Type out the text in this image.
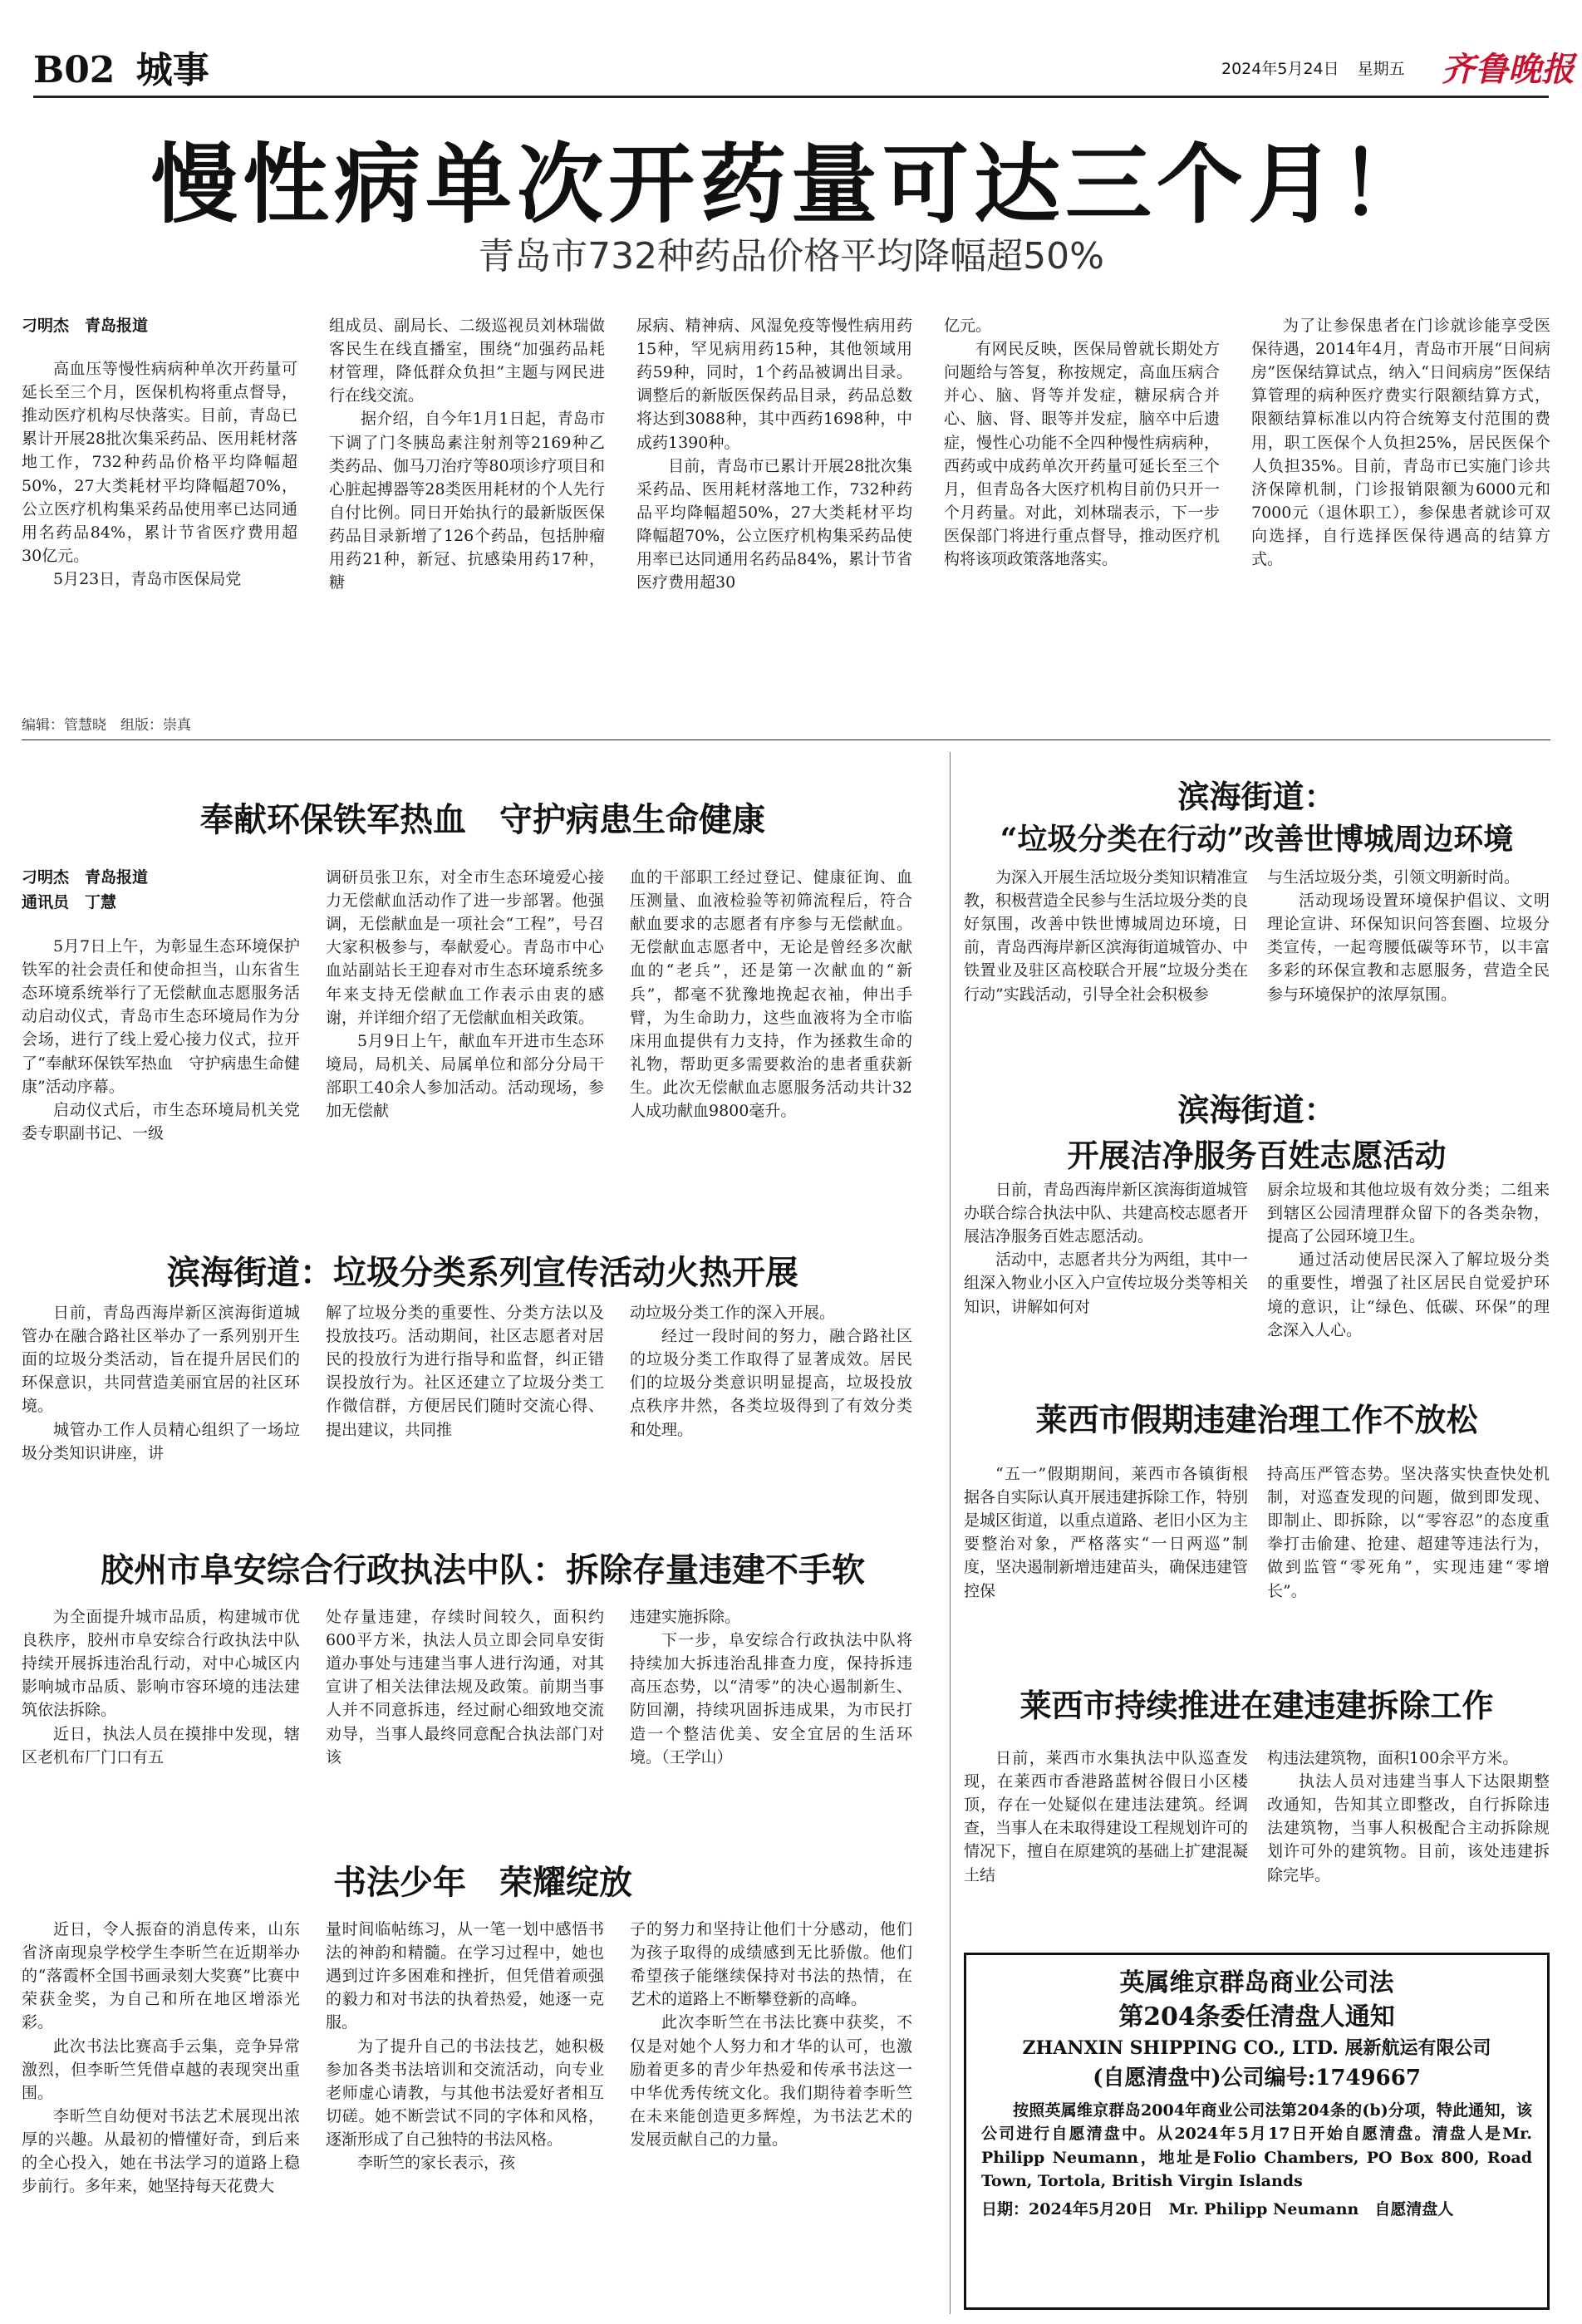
B02 城事	2024年5月24日 星期五 齐鲁晚报
慢性病单次开药量可达三个月！
青岛市732种药品价格平均降幅超50%
刁明杰　青岛报道

高血压等慢性病病种单次开药量可延长至三个月，医保机构将重点督导，推动医疗机构尽快落实。目前，青岛已累计开展28批次集采药品、医用耗材落地工作，732种药品价格平均降幅超50%，27大类耗材平均降幅超70%，公立医疗机构集采药品使用率已达同通用名药品84%，累计节省医疗费用超30亿元。

5月23日，青岛市医保局党

组成员、副局长、二级巡视员刘林瑞做客民生在线直播室，围绕“加强药品耗材管理，降低群众负担”主题与网民进行在线交流。

据介绍，自今年1月1日起，青岛市下调了门冬胰岛素注射剂等2169种乙类药品、伽马刀治疗等80项诊疗项目和心脏起搏器等28类医用耗材的个人先行自付比例。同日开始执行的最新版医保药品目录新增了126个药品，包括肿瘤用药21种，新冠、抗感染用药17种，糖

尿病、精神病、风湿免疫等慢性病用药15种，罕见病用药15种，其他领域用药59种，同时，1个药品被调出目录。调整后的新版医保药品目录，药品总数将达到3088种，其中西药1698种，中成药1390种。

目前，青岛市已累计开展28批次集采药品、医用耗材落地工作，732种药品平均降幅超50%，27大类耗材平均降幅超70%，公立医疗机构集采药品使用率已达同通用名药品84%，累计节省医疗费用超30

亿元。

有网民反映，医保局曾就长期处方问题给与答复，称按规定，高血压病合并心、脑、肾等并发症，糖尿病合并心、脑、肾、眼等并发症，脑卒中后遗症，慢性心功能不全四种慢性病病种，西药或中成药单次开药量可延长至三个月，但青岛各大医疗机构目前仍只开一个月药量。对此，刘林瑞表示，下一步医保部门将进行重点督导，推动医疗机构将该项政策落地落实。

为了让参保患者在门诊就诊能享受医保待遇，2014年4月，青岛市开展“日间病房”医保结算试点，纳入“日间病房”医保结算管理的病种医疗费实行限额结算方式，限额结算标准以内符合统筹支付范围的费用，职工医保个人负担25%，居民医保个人负担35%。目前，青岛市已实施门诊共济保障机制，门诊报销限额为6000元和7000元（退休职工），参保患者就诊可双向选择，自行选择医保待遇高的结算方式。

编辑：管慧晓　组版：崇真
奉献环保铁军热血　守护病患生命健康
刁明杰　青岛报道
通讯员　丁慧

5月7日上午，为彰显生态环境保护铁军的社会责任和使命担当，山东省生态环境系统举行了无偿献血志愿服务活动启动仪式，青岛市生态环境局作为分会场，进行了线上爱心接力仪式，拉开了“奉献环保铁军热血　守护病患生命健康”活动序幕。

启动仪式后，市生态环境局机关党委专职副书记、一级

调研员张卫东，对全市生态环境爱心接力无偿献血活动作了进一步部署。他强调，无偿献血是一项社会“工程”，号召大家积极参与，奉献爱心。青岛市中心血站副站长王迎春对市生态环境系统多年来支持无偿献血工作表示由衷的感谢，并详细介绍了无偿献血相关政策。

5月9日上午，献血车开进市生态环境局，局机关、局属单位和部分分局干部职工40余人参加活动。活动现场，参加无偿献

血的干部职工经过登记、健康征询、血压测量、血液检验等初筛流程后，符合献血要求的志愿者有序参与无偿献血。无偿献血志愿者中，无论是曾经多次献血的“老兵”，还是第一次献血的“新兵”，都毫不犹豫地挽起衣袖，伸出手臂，为生命助力，这些血液将为全市临床用血提供有力支持，作为拯救生命的礼物，帮助更多需要救治的患者重获新生。此次无偿献血志愿服务活动共计32人成功献血9800毫升。

滨海街道：垃圾分类系列宣传活动火热开展

日前，青岛西海岸新区滨海街道城管办在融合路社区举办了一系列别开生面的垃圾分类活动，旨在提升居民们的环保意识，共同营造美丽宜居的社区环境。

城管办工作人员精心组织了一场垃圾分类知识讲座，讲

解了垃圾分类的重要性、分类方法以及投放技巧。活动期间，社区志愿者对居民的投放行为进行指导和监督，纠正错误投放行为。社区还建立了垃圾分类工作微信群，方便居民们随时交流心得、提出建议，共同推

动垃圾分类工作的深入开展。

经过一段时间的努力，融合路社区的垃圾分类工作取得了显著成效。居民们的垃圾分类意识明显提高，垃圾投放点秩序井然，各类垃圾得到了有效分类和处理。

胶州市阜安综合行政执法中队：拆除存量违建不手软

为全面提升城市品质，构建城市优良秩序，胶州市阜安综合行政执法中队持续开展拆违治乱行动，对中心城区内影响城市品质、影响市容环境的违法建筑依法拆除。

近日，执法人员在摸排中发现，辖区老机布厂门口有五

处存量违建，存续时间较久，面积约600平方米，执法人员立即会同阜安街道办事处与违建当事人进行沟通，对其宣讲了相关法律法规及政策。前期当事人并不同意拆违，经过耐心细致地交流劝导，当事人最终同意配合执法部门对该

违建实施拆除。

下一步，阜安综合行政执法中队将持续加大拆违治乱排查力度，保持拆违高压态势，以“清零”的决心遏制新生、防回潮，持续巩固拆违成果，为市民打造一个整洁优美、安全宜居的生活环境。（王学山）

书法少年　荣耀绽放

近日，令人振奋的消息传来，山东省济南现泉学校学生李昕竺在近期举办的“落霞杯全国书画录刻大奖赛”比赛中荣获金奖，为自己和所在地区增添光彩。

此次书法比赛高手云集，竞争异常激烈，但李昕竺凭借卓越的表现突出重围。

李昕竺自幼便对书法艺术展现出浓厚的兴趣。从最初的懵懂好奇，到后来的全心投入，她在书法学习的道路上稳步前行。多年来，她坚持每天花费大

量时间临帖练习，从一笔一划中感悟书法的神韵和精髓。在学习过程中，她也遇到过许多困难和挫折，但凭借着顽强的毅力和对书法的执着热爱，她逐一克服。

为了提升自己的书法技艺，她积极参加各类书法培训和交流活动，向专业老师虚心请教，与其他书法爱好者相互切磋。她不断尝试不同的字体和风格，逐渐形成了自己独特的书法风格。

李昕竺的家长表示，孩

子的努力和坚持让他们十分感动，他们为孩子取得的成绩感到无比骄傲。他们希望孩子能继续保持对书法的热情，在艺术的道路上不断攀登新的高峰。

此次李昕竺在书法比赛中获奖，不仅是对她个人努力和才华的认可，也激励着更多的青少年热爱和传承书法这一中华优秀传统文化。我们期待着李昕竺在未来能创造更多辉煌，为书法艺术的发展贡献自己的力量。

滨海街道：
“垃圾分类在行动”改善世博城周边环境

为深入开展生活垃圾分类知识精准宣教，积极营造全民参与生活垃圾分类的良好氛围，改善中铁世博城周边环境，日前，青岛西海岸新区滨海街道城管办、中铁置业及驻区高校联合开展“垃圾分类在行动”实践活动，引导全社会积极参

与生活垃圾分类，引领文明新时尚。

活动现场设置环境保护倡议、文明理论宣讲、环保知识问答套圈、垃圾分类宣传，一起弯腰低碳等环节，以丰富多彩的环保宣教和志愿服务，营造全民参与环境保护的浓厚氛围。

滨海街道：
开展洁净服务百姓志愿活动

日前，青岛西海岸新区滨海街道城管办联合综合执法中队、共建高校志愿者开展洁净服务百姓志愿活动。

活动中，志愿者共分为两组，其中一组深入物业小区入户宣传垃圾分类等相关知识，讲解如何对

厨余垃圾和其他垃圾有效分类；二组来到辖区公园清理群众留下的各类杂物，提高了公园环境卫生。

通过活动使居民深入了解垃圾分类的重要性，增强了社区居民自觉爱护环境的意识，让“绿色、低碳、环保”的理念深入人心。

莱西市假期违建治理工作不放松

“五一”假期期间，莱西市各镇街根据各自实际认真开展违建拆除工作，特别是城区街道，以重点道路、老旧小区为主要整治对象，严格落实“一日两巡”制度，坚决遏制新增违建苗头，确保违建管控保

持高压严管态势。坚决落实快查快处机制，对巡查发现的问题，做到即发现、即制止、即拆除，以“零容忍”的态度重拳打击偷建、抢建、超建等违法行为，做到监管“零死角”，实现违建“零增长”。

莱西市持续推进在建违建拆除工作

日前，莱西市水集执法中队巡查发现，在莱西市香港路蓝树谷假日小区楼顶，存在一处疑似在建违法建筑。经调查，当事人在未取得建设工程规划许可的情况下，擅自在原建筑的基础上扩建混凝土结

构违法建筑物，面积100余平方米。

执法人员对违建当事人下达限期整改通知，告知其立即整改，自行拆除违法建筑物，当事人积极配合主动拆除规划许可外的建筑物。目前，该处违建拆除完毕。

英属维京群岛商业公司法
第204条委任清盘人通知
ZHANXIN SHIPPING CO., LTD. 展新航运有限公司
(自愿清盘中)公司编号:1749667
按照英属维京群岛2004年商业公司法第204条的(b)分项，特此通知，该公司进行自愿清盘中。从2024年5月17日开始自愿清盘。清盘人是Mr. Philipp Neumann，地址是Folio Chambers, PO Box 800, Road Town, Tortola, British Virgin Islands
日期：2024年5月20日　Mr. Philipp Neumann　自愿清盘人
